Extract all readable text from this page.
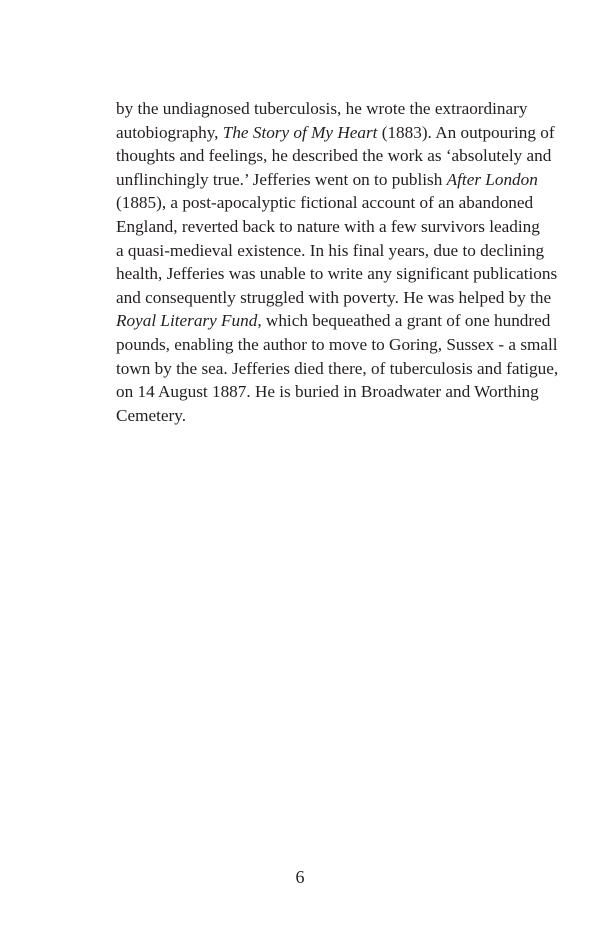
by the undiagnosed tuberculosis, he wrote the extraordinary
autobiography, The Story of My Heart (1883). An outpouring of
thoughts and feelings, he described the work as ‘absolutely and
unflinchingly true.’ Jefferies went on to publish After London
(1885), a post-apocalyptic fictional account of an abandoned
England, reverted back to nature with a few survivors leading
a quasi-medieval existence. In his final years, due to declining
health, Jefferies was unable to write any significant publications
and consequently struggled with poverty. He was helped by the
Royal Literary Fund, which bequeathed a grant of one hundred
pounds, enabling the author to move to Goring, Sussex - a small
town by the sea. Jefferies died there, of tuberculosis and fatigue,
on 14 August 1887. He is buried in Broadwater and Worthing
Cemetery.

6
